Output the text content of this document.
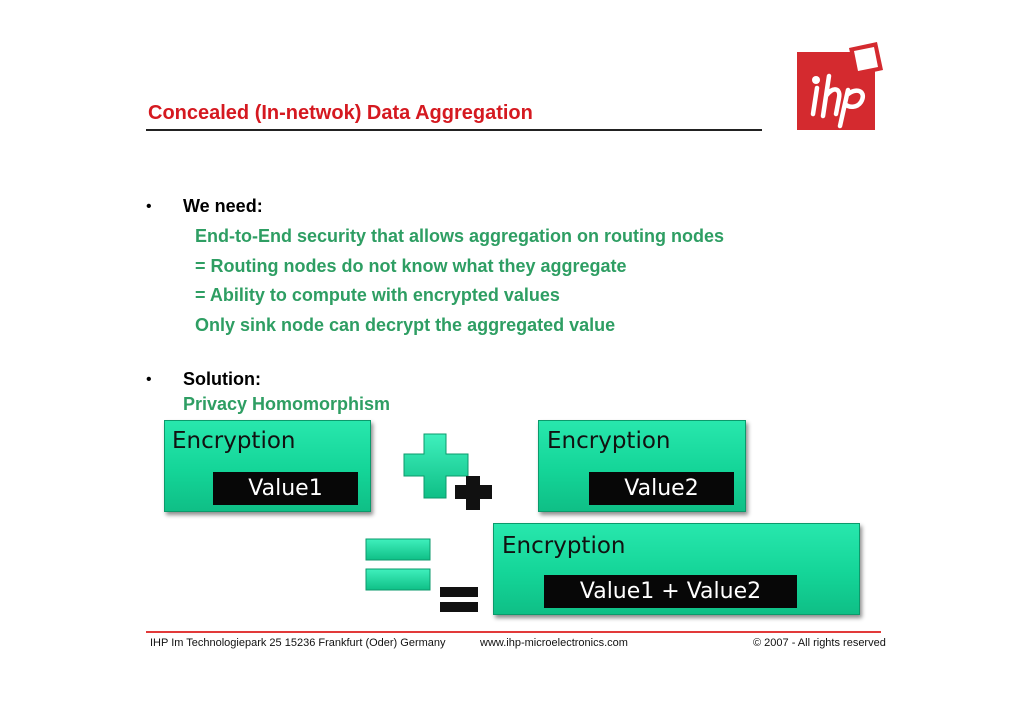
Concealed (In-netwok) Data Aggregation
• We need:
End-to-End security that allows aggregation on routing nodes
= Routing nodes do not know what they aggregate
= Ability to compute with encrypted values
Only sink node can decrypt the aggregated value
• Solution:
Privacy Homomorphism
Encryption
Value1
Encryption
Value2
Encryption
Value1 + Value2
IHP Im Technologiepark 25 15236 Frankfurt (Oder) Germany	www.ihp-microelectronics.com	© 2007 - All rights reserved
